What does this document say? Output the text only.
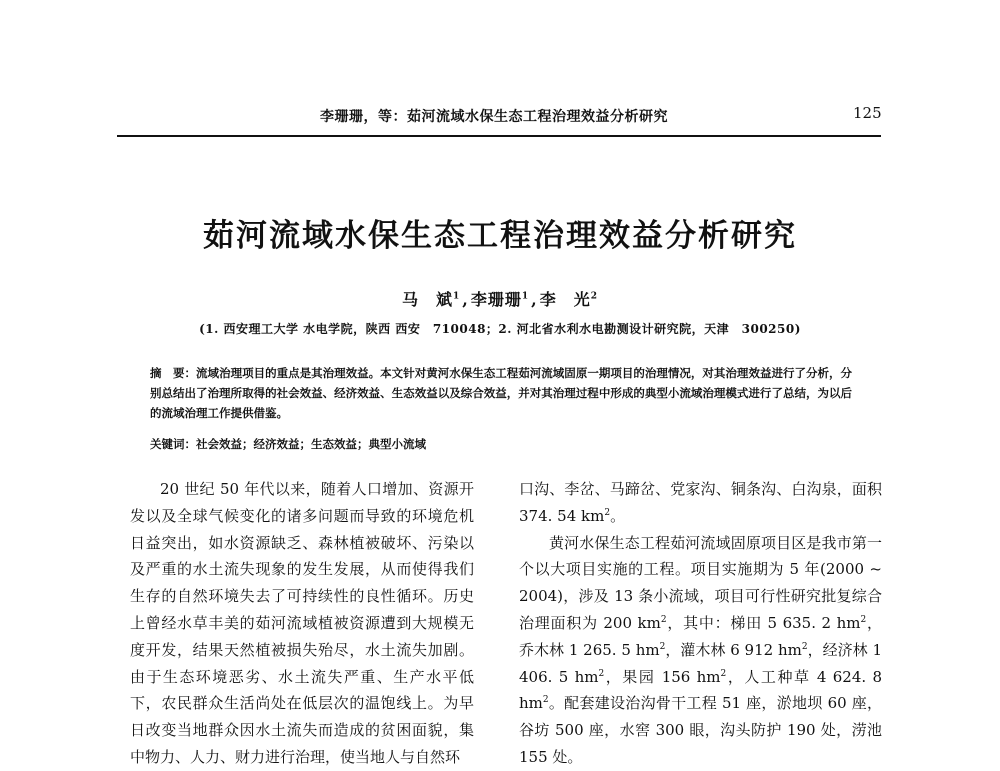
李珊珊，等：茹河流域水保生态工程治理效益分析研究	125
茹河流域水保生态工程治理效益分析研究
马　斌$^1$ , 李珊珊$^1$ , 李　光$^2$
(1. 西安理工大学 水电学院，陕西 西安　710048；2. 河北省水利水电勘测设计研究院，天津　300250)
摘　要：流域治理项目的重点是其治理效益。本文针对黄河水保生态工程茹河流域固原一期项目的治理情况，对其治理效益进行了分析，分别总结出了治理所取得的社会效益、经济效益、生态效益以及综合效益，并对其治理过程中形成的典型小流域治理模式进行了总结，为以后的流域治理工作提供借鉴。
关键词：社会效益；经济效益；生态效益；典型小流域

20 世纪 50 年代以来，随着人口增加、资源开发以及全球气候变化的诸多问题而导致的环境危机日益突出，如水资源缺乏、森林植被破坏、污染以及严重的水土流失现象的发生发展，从而使得我们生存的自然环境失去了可持续性的良性循环。历史上曾经水草丰美的茹河流域植被资源遭到大规模无度开发，结果天然植被损失殆尽，水土流失加剧。由于生态环境恶劣、水土流失严重、生产水平低下，农民群众生活尚处在低层次的温饱线上。为早日改变当地群众因水土流失而造成的贫困面貌，集中物力、人力、财力进行治理，使当地人与自然环

口沟、李岔、马蹄岔、党家沟、铜条沟、白沟泉，面积 374. 54 $km^2$。

黄河水保生态工程茹河流域固原项目区是我市第一个以大项目实施的工程。项目实施期为 5 年(2000 ~ 2004)，涉及 13 条小流域，项目可行性研究批复综合治理面积为 200 $km^2$，其中：梯田 5 635. 2 $hm^2$，乔木林 1 265. 5 $hm^2$，灌木林 6 912 $hm^2$，经济林 1 406. 5 $hm^2$，果园 156 $hm^2$，人工种草 4 624. 8 $hm^2$。配套建设治沟骨干工程 51 座，淤地坝 60 座，谷坊 500 座，水窖 300 眼，沟头防护 190 处，涝池 155 处。
